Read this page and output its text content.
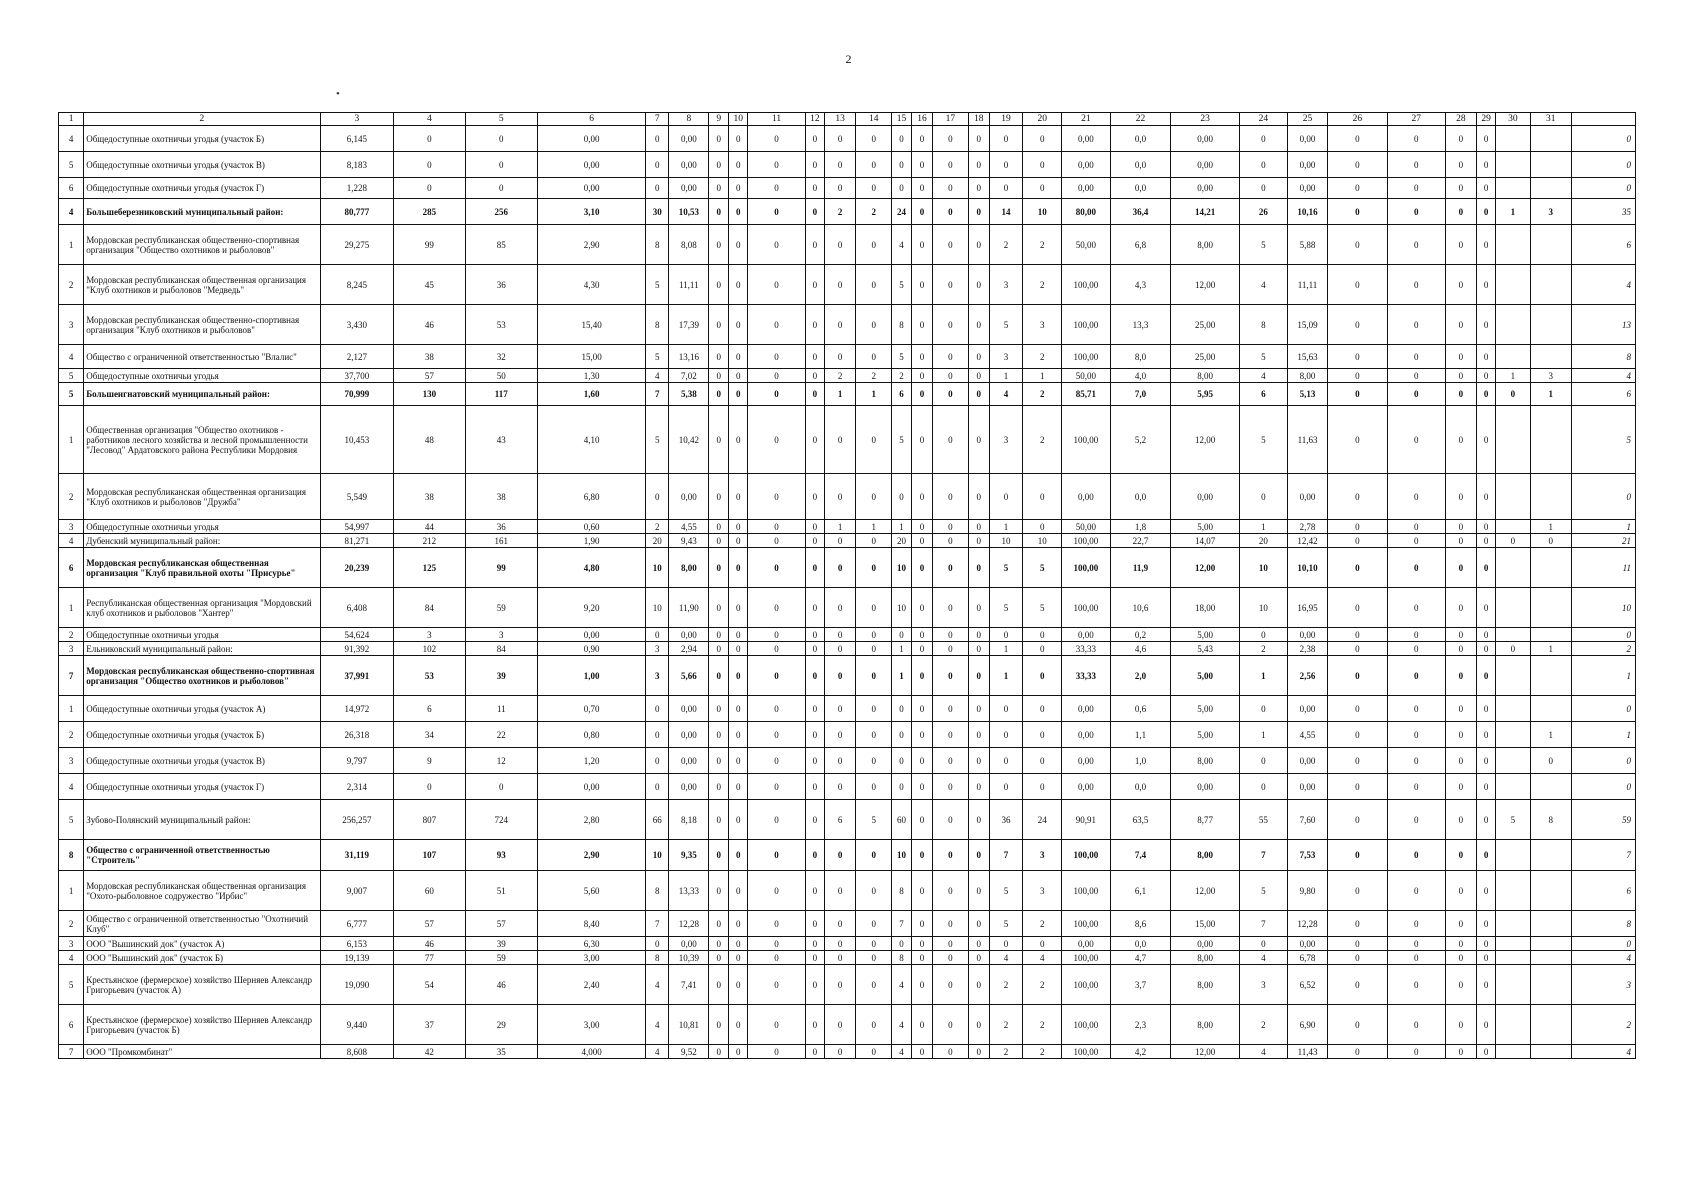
2
•
1	2	3	4	5	6	7	8	9	10	11	12	13	14	15	16	17	18	19	20	21	22	23	24	25	26	27	28	29	30	31	
4	Общедоступные охотничьи угодья (участок Б)	6,145	0	0	0,00	0	0,00	0	0	0	0	0	0	0	0	0	0	0	0	0,00	0,0	0,00	0	0,00	0	0	0	0			0
5	Общедоступные охотничьи угодья (участок В)	8,183	0	0	0,00	0	0,00	0	0	0	0	0	0	0	0	0	0	0	0	0,00	0,0	0,00	0	0,00	0	0	0	0			0
6	Общедоступные охотничьи угодья (участок Г)	1,228	0	0	0,00	0	0,00	0	0	0	0	0	0	0	0	0	0	0	0	0,00	0,0	0,00	0	0,00	0	0	0	0			0
4	Большеберезниковский муниципальный район:	80,777	285	256	3,10	30	10,53	0	0	0	0	2	2	24	0	0	0	14	10	80,00	36,4	14,21	26	10,16	0	0	0	0	1	3	35
1	Мордовская республиканская общественно-спортивная организация "Общество охотников и рыболовов"	29,275	99	85	2,90	8	8,08	0	0	0	0	0	0	4	0	0	0	2	2	50,00	6,8	8,00	5	5,88	0	0	0	0			6
2	Мордовская республиканская общественная организация "Клуб охотников и рыболовов "Медведь"	8,245	45	36	4,30	5	11,11	0	0	0	0	0	0	5	0	0	0	3	2	100,00	4,3	12,00	4	11,11	0	0	0	0			4
3	Мордовская республиканская общественно-спортивная организация "Клуб охотников и рыболовов"	3,430	46	53	15,40	8	17,39	0	0	0	0	0	0	8	0	0	0	5	3	100,00	13,3	25,00	8	15,09	0	0	0	0			13
4	Общество с ограниченной ответственностью "Влалис"	2,127	38	32	15,00	5	13,16	0	0	0	0	0	0	5	0	0	0	3	2	100,00	8,0	25,00	5	15,63	0	0	0	0			8
5	Общедоступные охотничьи угодья	37,700	57	50	1,30	4	7,02	0	0	0	0	2	2	2	0	0	0	1	1	50,00	4,0	8,00	4	8,00	0	0	0	0	1	3	4
5	Большеигнатовский муниципальный район:	70,999	130	117	1,60	7	5,38	0	0	0	0	1	1	6	0	0	0	4	2	85,71	7,0	5,95	6	5,13	0	0	0	0	0	1	6
1	Общественная организация "Общество охотников - работников лесного хозяйства и лесной промышленности "Лесовод" Ардатовского района Республики Мордовия	10,453	48	43	4,10	5	10,42	0	0	0	0	0	0	5	0	0	0	3	2	100,00	5,2	12,00	5	11,63	0	0	0	0			5
2	Мордовская республиканская общественная организация "Клуб охотников и рыболовов "Дружба"	5,549	38	38	6,80	0	0,00	0	0	0	0	0	0	0	0	0	0	0	0	0,00	0,0	0,00	0	0,00	0	0	0	0			0
3	Общедоступные охотничьи угодья	54,997	44	36	0,60	2	4,55	0	0	0	0	1	1	1	0	0	0	1	0	50,00	1,8	5,00	1	2,78	0	0	0	0		1	1
4	Дубенский муниципальный район:	81,271	212	161	1,90	20	9,43	0	0	0	0	0	0	20	0	0	0	10	10	100,00	22,7	14,07	20	12,42	0	0	0	0	0	0	21
6	Мордовская республиканская общественная организация "Клуб правильной охоты "Присурье"	20,239	125	99	4,80	10	8,00	0	0	0	0	0	0	10	0	0	0	5	5	100,00	11,9	12,00	10	10,10	0	0	0	0			11
1	Республиканская общественная организация "Мордовский клуб охотников и рыболовов "Хантер"	6,408	84	59	9,20	10	11,90	0	0	0	0	0	0	10	0	0	0	5	5	100,00	10,6	18,00	10	16,95	0	0	0	0			10
2	Общедоступные охотничьи угодья	54,624	3	3	0,00	0	0,00	0	0	0	0	0	0	0	0	0	0	0	0	0,00	0,2	5,00	0	0,00	0	0	0	0			0
3	Ельниковский муниципальный район:	91,392	102	84	0,90	3	2,94	0	0	0	0	0	0	1	0	0	0	1	0	33,33	4,6	5,43	2	2,38	0	0	0	0	0	1	2
7	Мордовская республиканская общественно-спортивная организация "Общество охотников и рыболовов"	37,991	53	39	1,00	3	5,66	0	0	0	0	0	0	1	0	0	0	1	0	33,33	2,0	5,00	1	2,56	0	0	0	0			1
1	Общедоступные охотничьи угодья (участок А)	14,972	6	11	0,70	0	0,00	0	0	0	0	0	0	0	0	0	0	0	0	0,00	0,6	5,00	0	0,00	0	0	0	0			0
2	Общедоступные охотничьи угодья (участок Б)	26,318	34	22	0,80	0	0,00	0	0	0	0	0	0	0	0	0	0	0	0	0,00	1,1	5,00	1	4,55	0	0	0	0		1	1
3	Общедоступные охотничьи угодья (участок В)	9,797	9	12	1,20	0	0,00	0	0	0	0	0	0	0	0	0	0	0	0	0,00	1,0	8,00	0	0,00	0	0	0	0		0	0
4	Общедоступные охотничьи угодья (участок Г)	2,314	0	0	0,00	0	0,00	0	0	0	0	0	0	0	0	0	0	0	0	0,00	0,0	0,00	0	0,00	0	0	0	0			0
5	Зубово-Полянский муниципальный район:	256,257	807	724	2,80	66	8,18	0	0	0	0	6	5	60	0	0	0	36	24	90,91	63,5	8,77	55	7,60	0	0	0	0	5	8	59
8	Общество с ограниченной ответственностью "Строитель"	31,119	107	93	2,90	10	9,35	0	0	0	0	0	0	10	0	0	0	7	3	100,00	7,4	8,00	7	7,53	0	0	0	0			7
1	Мордовская республиканская общественная организация "Охото-рыболовное содружество "Ирбис"	9,007	60	51	5,60	8	13,33	0	0	0	0	0	0	8	0	0	0	5	3	100,00	6,1	12,00	5	9,80	0	0	0	0			6
2	Общество с ограниченной ответственностью "Охотничий Клуб"	6,777	57	57	8,40	7	12,28	0	0	0	0	0	0	7	0	0	0	5	2	100,00	8,6	15,00	7	12,28	0	0	0	0			8
3	ООО "Вышинский док" (участок А)	6,153	46	39	6,30	0	0,00	0	0	0	0	0	0	0	0	0	0	0	0	0,00	0,0	0,00	0	0,00	0	0	0	0			0
4	ООО "Вышинский док" (участок Б)	19,139	77	59	3,00	8	10,39	0	0	0	0	0	0	8	0	0	0	4	4	100,00	4,7	8,00	4	6,78	0	0	0	0			4
5	Крестьянское (фермерское) хозяйство Шерняев Александр Григорьевич (участок А)	19,090	54	46	2,40	4	7,41	0	0	0	0	0	0	4	0	0	0	2	2	100,00	3,7	8,00	3	6,52	0	0	0	0			3
6	Крестьянское (фермерское) хозяйство Шерняев Александр Григорьевич (участок Б)	9,440	37	29	3,00	4	10,81	0	0	0	0	0	0	4	0	0	0	2	2	100,00	2,3	8,00	2	6,90	0	0	0	0			2
7	ООО "Промкомбинат"	8,608	42	35	4,000	4	9,52	0	0	0	0	0	0	4	0	0	0	2	2	100,00	4,2	12,00	4	11,43	0	0	0	0			4
